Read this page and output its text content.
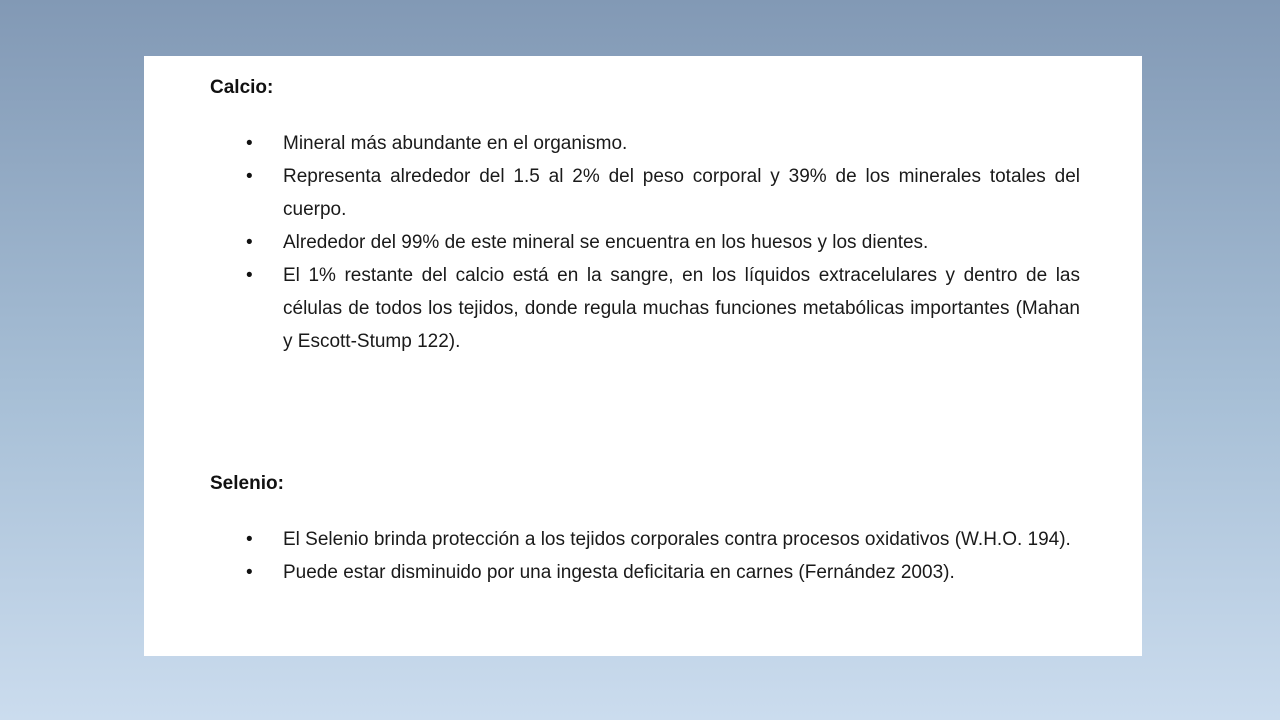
Calcio:
• Mineral más abundante en el organismo.
• Representa alrededor del 1.5 al 2% del peso corporal y 39% de los minerales totales del cuerpo.
• Alrededor del 99% de este mineral se encuentra en los huesos y los dientes.
• El 1% restante del calcio está en la sangre, en los líquidos extracelulares y dentro de las células de todos los tejidos, donde regula muchas funciones metabólicas importantes (Mahan y Escott-Stump 122).
Selenio:
• El Selenio brinda protección a los tejidos corporales contra procesos oxidativos (W.H.O. 194).
• Puede estar disminuido por una ingesta deficitaria en carnes (Fernández 2003).
